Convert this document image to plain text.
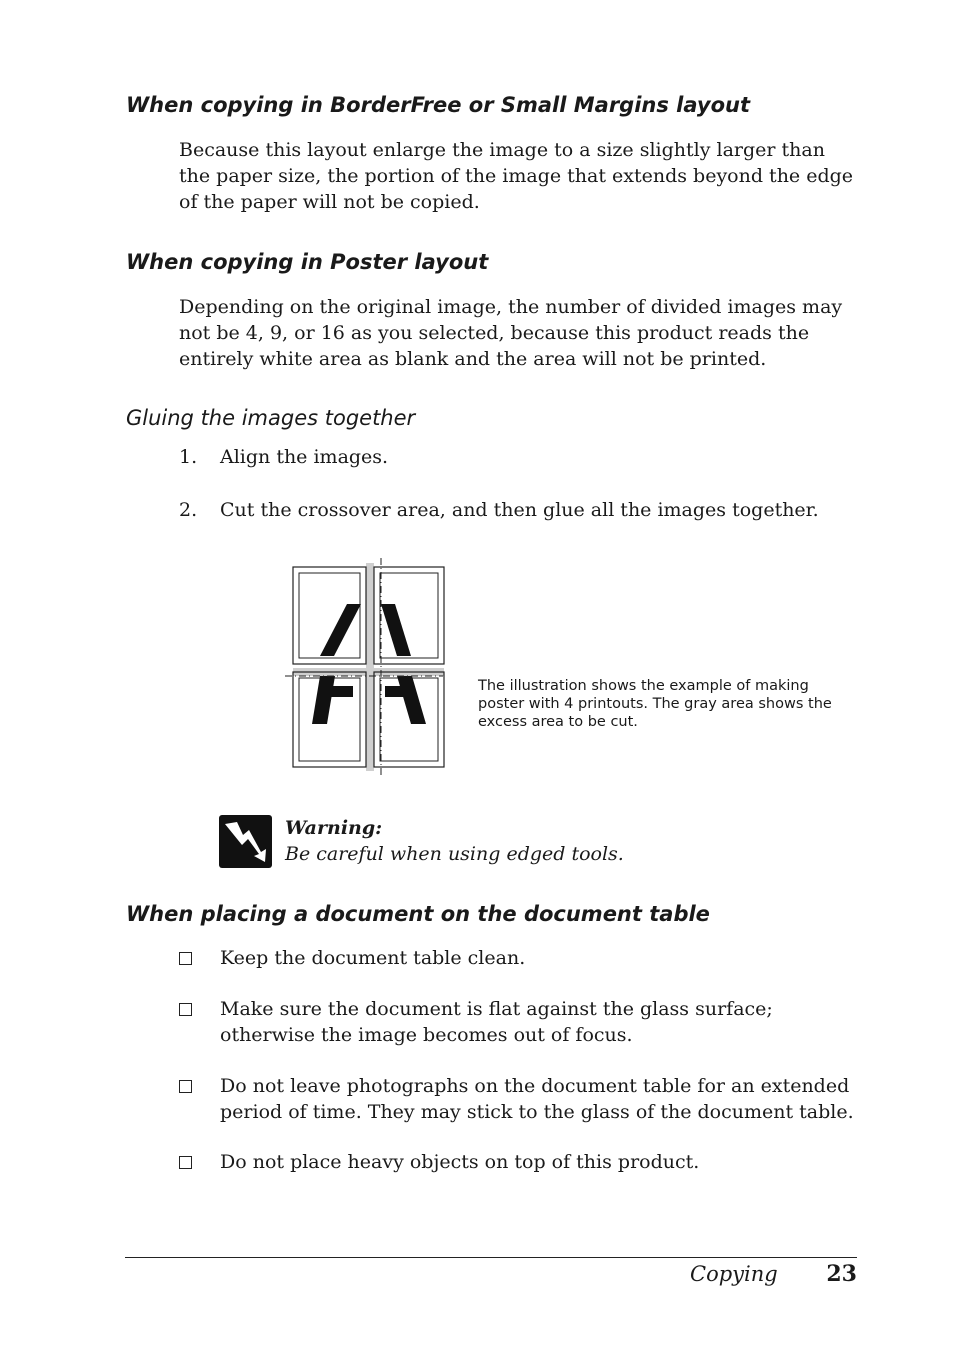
When copying in BorderFree or Small Margins layout

Because this layout enlarge the image to a size slightly larger than the paper size, the portion of the image that extends beyond the edge of the paper will not be copied.

When copying in Poster layout

Depending on the original image, the number of divided images may not be 4, 9, or 16 as you selected, because this product reads the entirely white area as blank and the area will not be printed.

Gluing the images together
1. Align the images.
2. Cut the crossover area, and then glue all the images together.

The illustration shows the example of making poster with 4 printouts. The gray area shows the excess area to be cut.

Warning:

Be careful when using edged tools.

When placing a document on the document table
Keep the document table clean.
Make sure the document is flat against the glass surface; otherwise the image becomes out of focus.
Do not leave photographs on the document table for an extended period of time. They may stick to the glass of the document table.
Do not place heavy objects on top of this product.

Copying 23
